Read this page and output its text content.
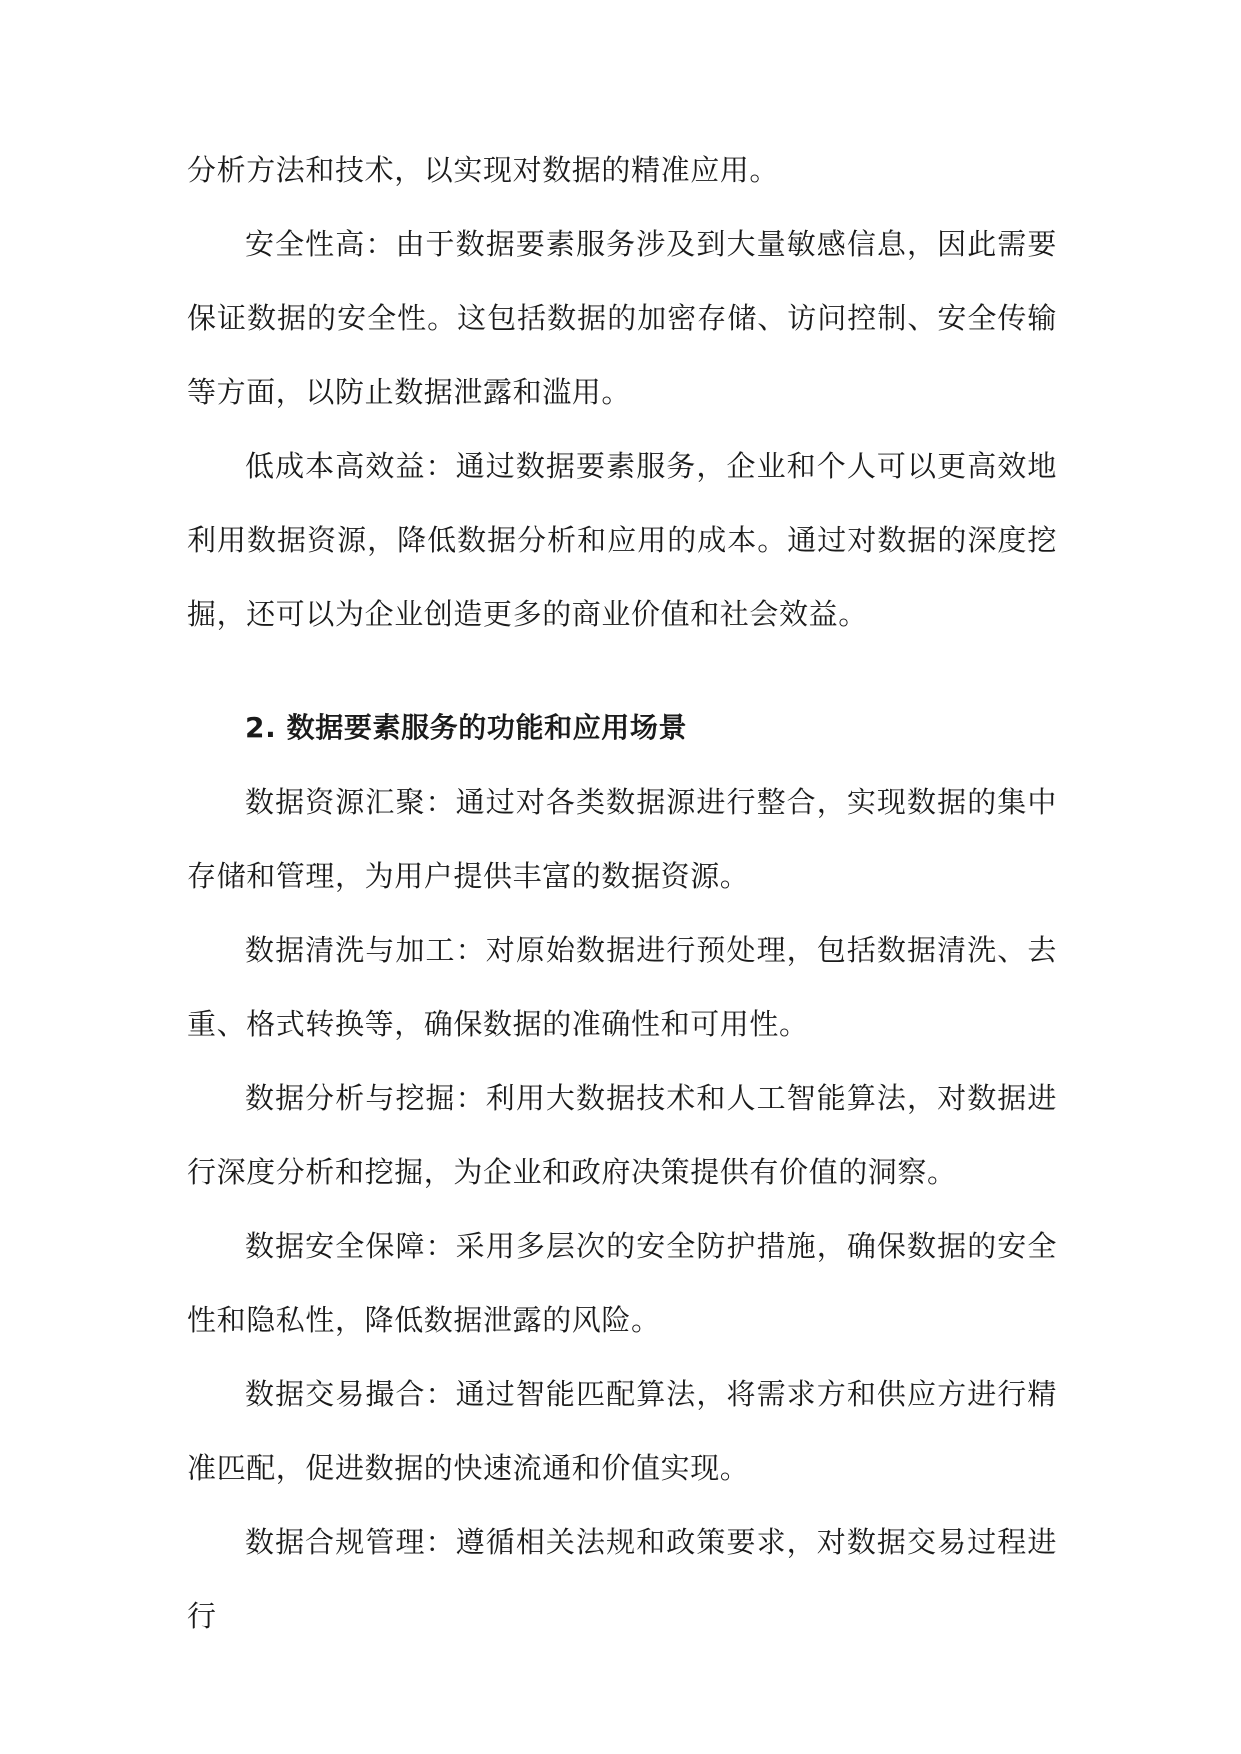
分析方法和技术，以实现对数据的精准应用。

安全性高：由于数据要素服务涉及到大量敏感信息，因此需要保证数据的安全性。这包括数据的加密存储、访问控制、安全传输等方面，以防止数据泄露和滥用。

低成本高效益：通过数据要素服务，企业和个人可以更高效地利用数据资源，降低数据分析和应用的成本。通过对数据的深度挖掘，还可以为企业创造更多的商业价值和社会效益。

2. 数据要素服务的功能和应用场景

数据资源汇聚：通过对各类数据源进行整合，实现数据的集中存储和管理，为用户提供丰富的数据资源。

数据清洗与加工：对原始数据进行预处理，包括数据清洗、去重、格式转换等，确保数据的准确性和可用性。

数据分析与挖掘：利用大数据技术和人工智能算法，对数据进行深度分析和挖掘，为企业和政府决策提供有价值的洞察。

数据安全保障：采用多层次的安全防护措施，确保数据的安全性和隐私性，降低数据泄露的风险。

数据交易撮合：通过智能匹配算法，将需求方和供应方进行精准匹配，促进数据的快速流通和价值实现。

数据合规管理：遵循相关法规和政策要求，对数据交易过程进行
